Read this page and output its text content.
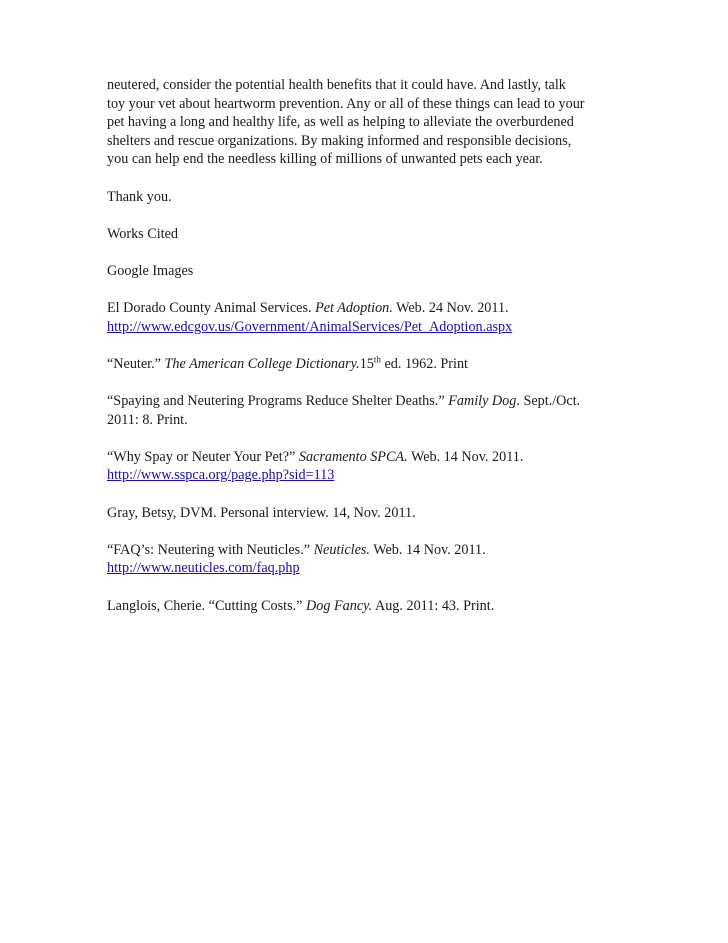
neutered, consider the potential health benefits that it could have. And lastly, talk
toy your vet about heartworm prevention. Any or all of these things can lead to your
pet having a long and healthy life, as well as helping to alleviate the overburdened
shelters and rescue organizations. By making informed and responsible decisions,
you can help end the needless killing of millions of unwanted pets each year.

Thank you.

Works Cited

Google Images

El Dorado County Animal Services. Pet Adoption. Web. 24 Nov. 2011.
http://www.edcgov.us/Government/AnimalServices/Pet_Adoption.aspx

“Neuter.” The American College Dictionary.15th ed. 1962. Print

“Spaying and Neutering Programs Reduce Shelter Deaths.” Family Dog. Sept./Oct.
2011: 8. Print.

“Why Spay or Neuter Your Pet?” Sacramento SPCA. Web. 14 Nov. 2011.
http://www.sspca.org/page.php?sid=113

Gray, Betsy, DVM. Personal interview. 14, Nov. 2011.

“FAQ’s: Neutering with Neuticles.” Neuticles. Web. 14 Nov. 2011.
http://www.neuticles.com/faq.php

Langlois, Cherie. “Cutting Costs.” Dog Fancy. Aug. 2011: 43. Print.
